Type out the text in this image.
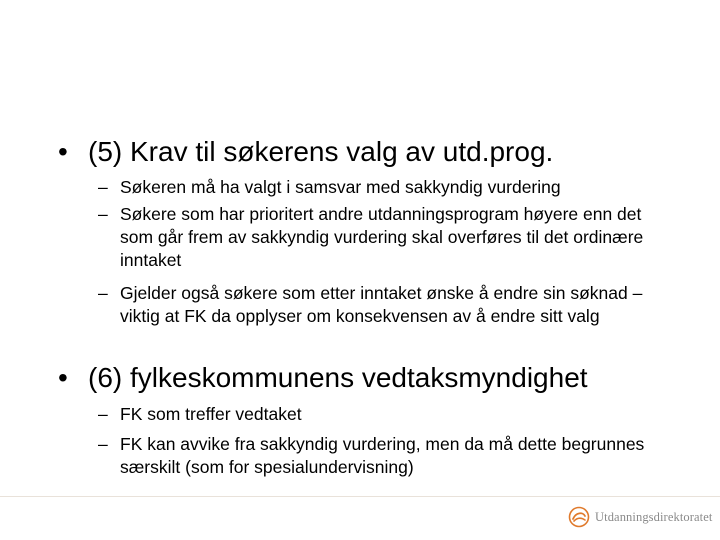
• (5) Krav til søkerens valg av utd.prog.
– Søkeren må ha valgt i samsvar med sakkyndig vurdering
– Søkere som har prioritert andre utdanningsprogram høyere enn det som går frem av sakkyndig vurdering skal overføres til det ordinære inntaket
– Gjelder også søkere som etter inntaket ønske å endre sin søknad – viktig at FK da opplyser om konsekvensen av å endre sitt valg
• (6) fylkeskommunens vedtaksmyndighet
– FK som treffer vedtaket
– FK kan avvike fra sakkyndig vurdering, men da må dette begrunnes særskilt (som for spesialundervisning)
Utdanningsdirektoratet
